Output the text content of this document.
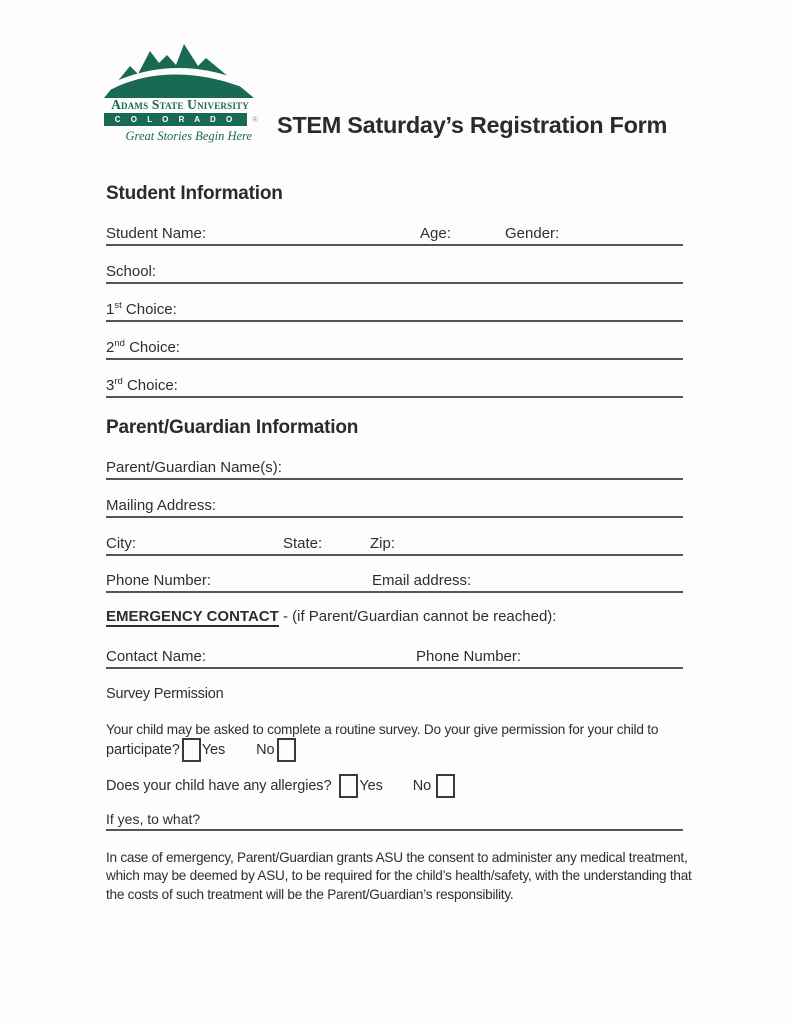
Adams State University
C O L O R A D O	®
Great Stories Begin Here STEM Saturday’s Registration Form
Student Information
Student Name:	Age:	Gender:
School:
1st Choice:
2nd Choice:
3rd Choice:
Parent/Guardian Information
Parent/Guardian Name(s):
Mailing Address:
City:	State:	Zip:
Phone Number:	Email address:
EMERGENCY CONTACT - (if Parent/Guardian cannot be reached):
Contact Name:	Phone Number:
Survey Permission
Your child may be asked to complete a routine survey. Do your give permission for your child to
participate? Yes No
Does your child have any allergies? Yes No
If yes, to what?
In case of emergency, Parent/Guardian grants ASU the consent to administer any medical treatment,
which may be deemed by ASU, to be required for the child’s health/safety, with the understanding that
the costs of such treatment will be the Parent/Guardian’s responsibility.
